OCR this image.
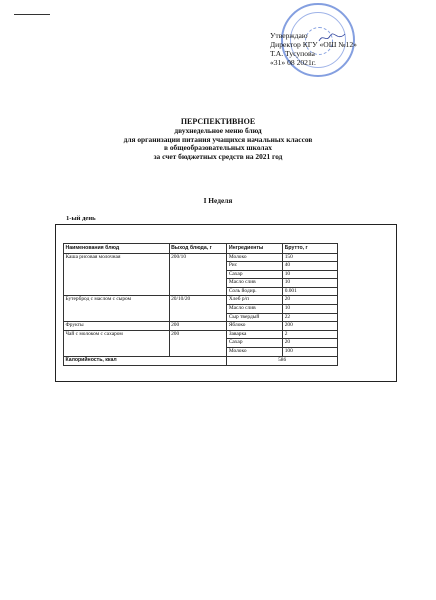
Утверждаю
Директор КГУ «ОШ №12»
Т.А. Тусупова
«31» 08 2021г.
ПЕРСПЕКТИВНОЕ
двухнедельное меню блюд
для организации питания учащихся начальных классов
в общеобразовательных школах
за счет бюджетных средств на 2021 год
I Неделя
1-ый день
Наименования блюд	Выход блюда, г	Ингредиенты	Брутто, г
Каша рисовая молочная	200/10	Молоко	150
		Рис	40
		Сахар	10
		Масло слив	10
		Соль йодир.	0.001
Бутерброд с маслом с сыром	20/10/20	Хлеб р/п	20
		Масло слив	10
		Сыр твердый	22
Фрукты	200	Яблоко	200
Чай с молоком с сахаром	200	Заварка	2
		Сахар	20
		Молоко	100
Калорийность, ккал		586	
